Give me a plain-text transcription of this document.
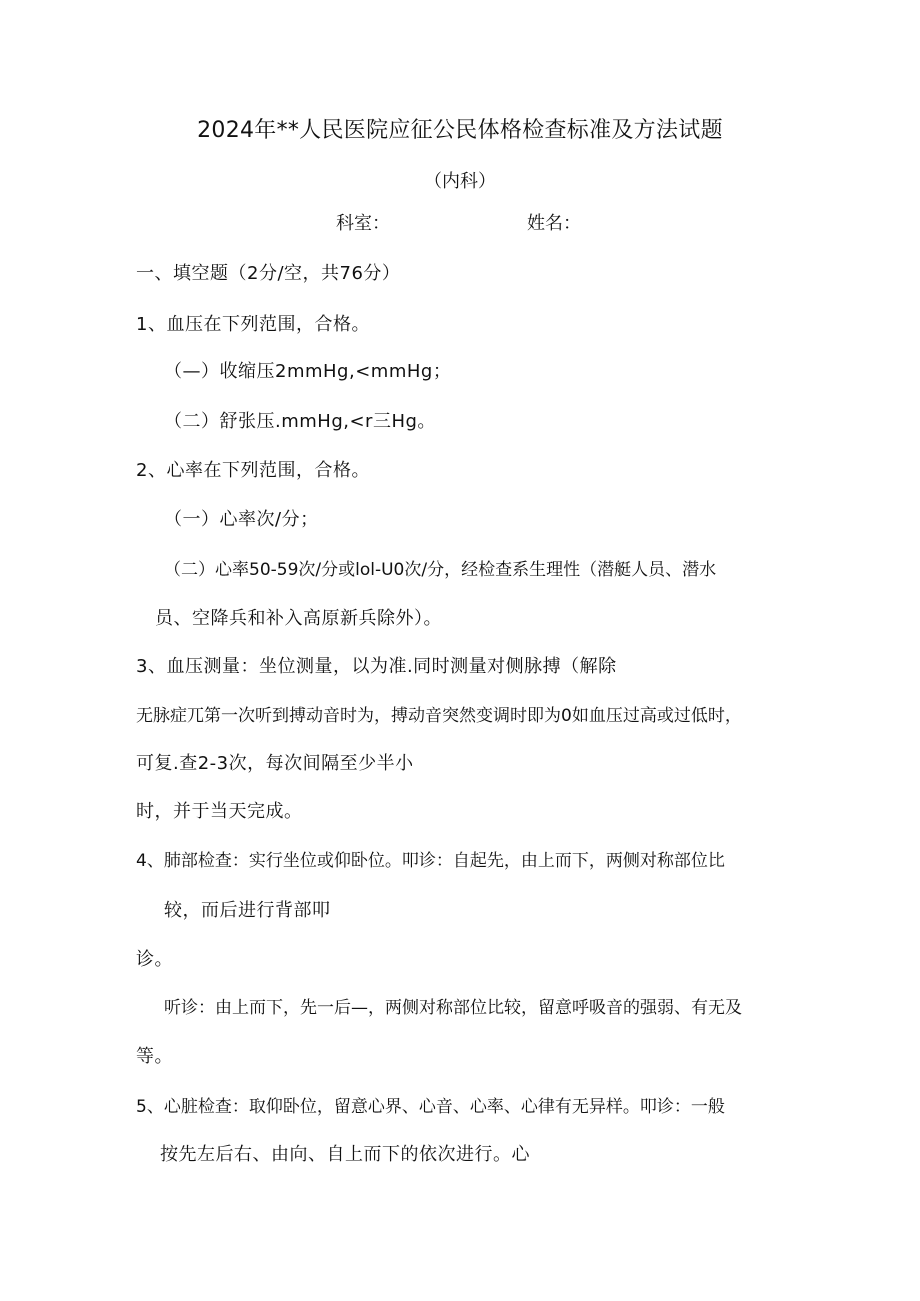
2024年**人民医院应征公民体格检查标准及方法试题
（内科）
科室：	姓名：
一、填空题（2分/空，共76分）
1、血压在下列范围，合格。
（—）收缩压2mmHg,<mmHg；
（二）舒张压.mmHg,<r三Hg。
2、心率在下列范围，合格。
（一）心率次/分；
（二）心率50-59次/分或lol-U0次/分，经检查系生理性（潜艇人员、潜水
员、空降兵和补入高原新兵除外）。
3、血压测量：坐位测量，以为准.同时测量对侧脉搏（解除
无脉症兀第一次听到搏动音时为，搏动音突然变调时即为0如血压过高或过低时，
可复.查2-3次，每次间隔至少半小
时，并于当天完成。
4、肺部检查：实行坐位或仰卧位。叩诊：自起先，由上而下，两侧对称部位比
较，而后进行背部叩
诊。
听诊：由上而下，先一后—，两侧对称部位比较，留意呼吸音的强弱、有无及
等。
5、心脏检查：取仰卧位，留意心界、心音、心率、心律有无异样。叩诊：一般
按先左后右、由向、自上而下的依次进行。心
